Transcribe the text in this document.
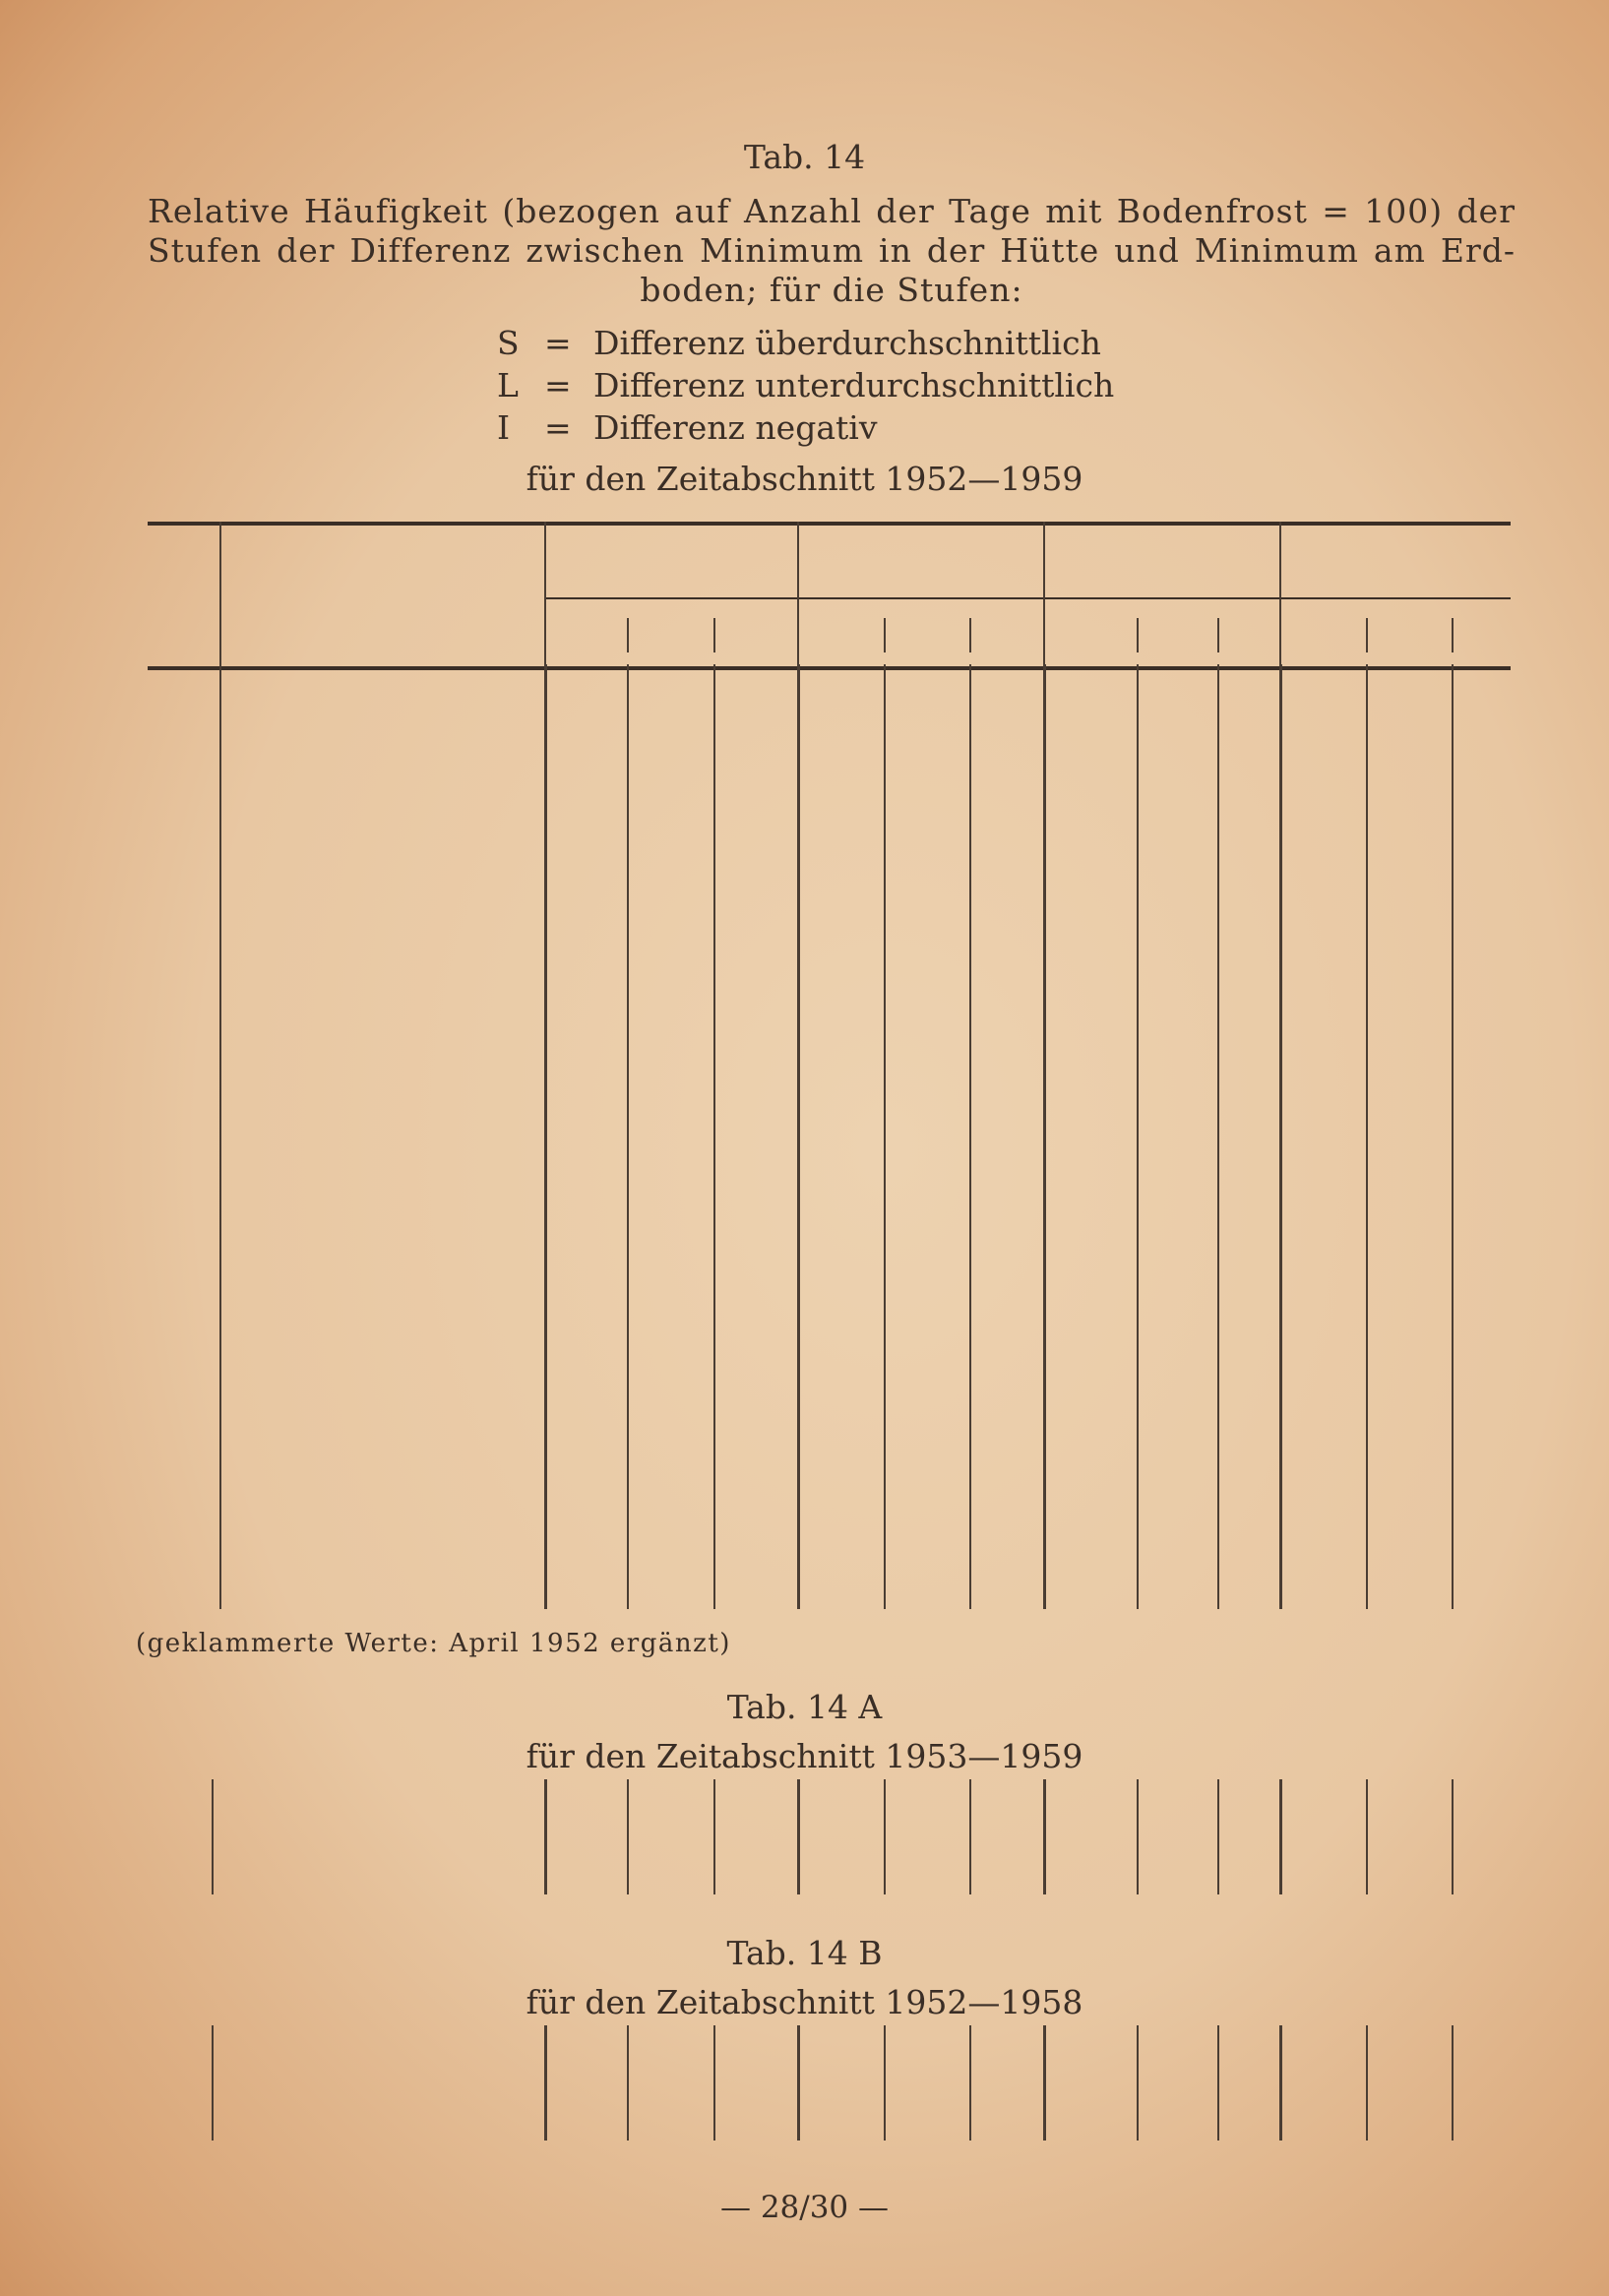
Tab. 14
Relative Häufigkeit (bezogen auf Anzahl der Tage mit Bodenfrost = 100) der
Stufen der Differenz zwischen Minimum in der Hütte und Minimum am Erd-
boden; für die Stufen:
S = Differenz überdurchschnittlich
L = Differenz unterdurchschnittlich
I	= Differenz negativ
für den Zeitabschnitt 1952—1959
(geklammerte Werte: April 1952 ergänzt)
Tab. 14 A
für den Zeitabschnitt 1953—1959
Tab. 14 B
für den Zeitabschnitt 1952—1958
— 28/30 —
